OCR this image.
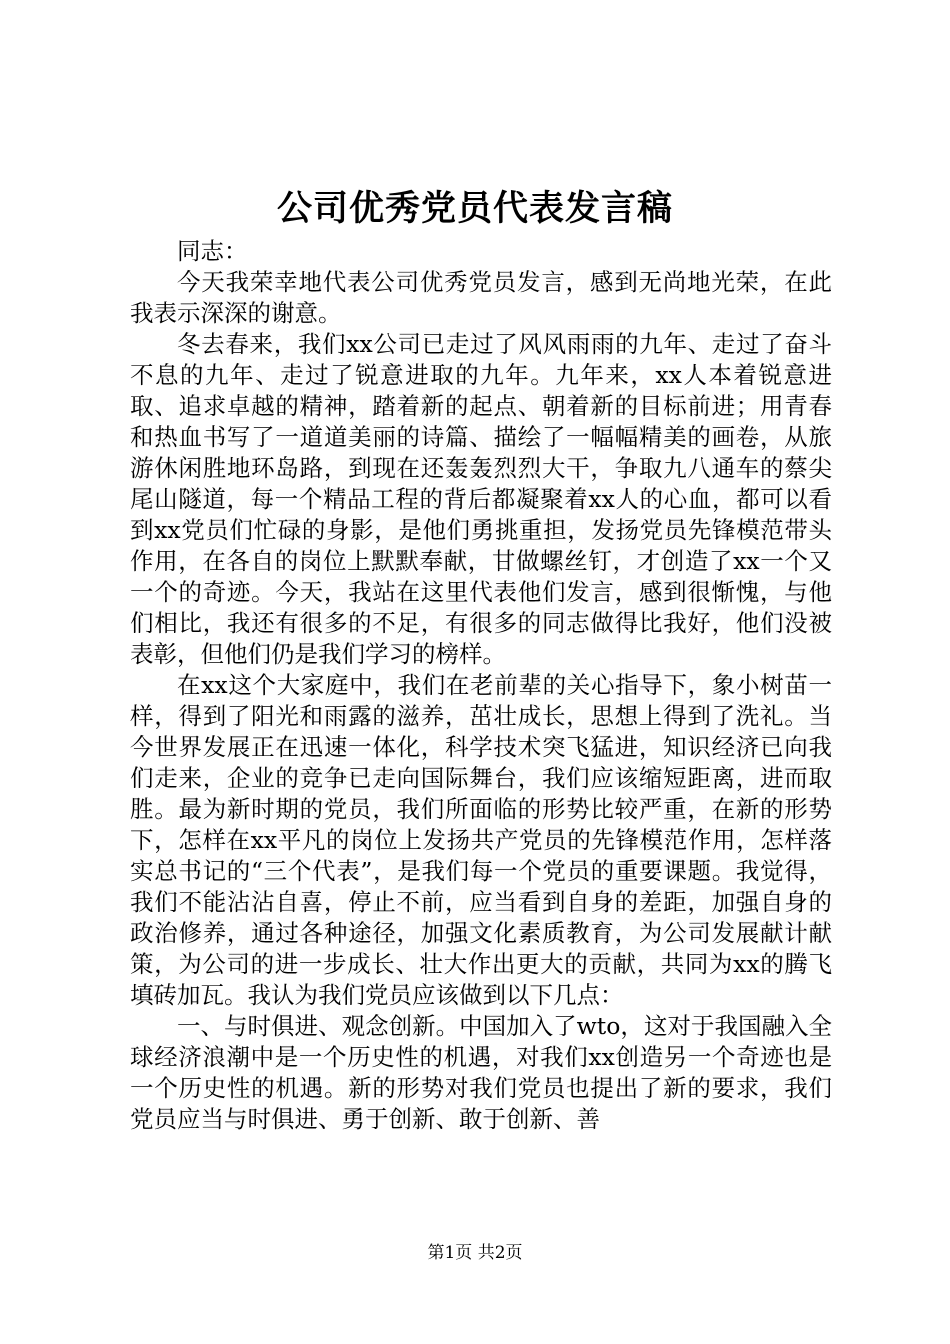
公司优秀党员代表发言稿

同志：

今天我荣幸地代表公司优秀党员发言，感到无尚地光荣，在此我表示深深的谢意。

冬去春来，我们xx公司已走过了风风雨雨的九年、走过了奋斗不息的九年、走过了锐意进取的九年。九年来，xx人本着锐意进取、追求卓越的精神，踏着新的起点、朝着新的目标前进；用青春和热血书写了一道道美丽的诗篇、描绘了一幅幅精美的画卷，从旅游休闲胜地环岛路，到现在还轰轰烈烈大干，争取九八通车的蔡尖尾山隧道，每一个精品工程的背后都凝聚着xx人的心血，都可以看到xx党员们忙碌的身影，是他们勇挑重担，发扬党员先锋模范带头作用，在各自的岗位上默默奉献，甘做螺丝钉，才创造了xx一个又一个的奇迹。今天，我站在这里代表他们发言，感到很惭愧，与他们相比，我还有很多的不足，有很多的同志做得比我好，他们没被表彰，但他们仍是我们学习的榜样。

在xx这个大家庭中，我们在老前辈的关心指导下，象小树苗一样，得到了阳光和雨露的滋养，茁壮成长，思想上得到了洗礼。当今世界发展正在迅速一体化，科学技术突飞猛进，知识经济已向我们走来，企业的竞争已走向国际舞台，我们应该缩短距离，进而取胜。最为新时期的党员，我们所面临的形势比较严重，在新的形势下，怎样在xx平凡的岗位上发扬共产党员的先锋模范作用，怎样落实总书记的“三个代表”，是我们每一个党员的重要课题。我觉得，我们不能沾沾自喜，停止不前，应当看到自身的差距，加强自身的政治修养，通过各种途径，加强文化素质教育，为公司发展献计献策，为公司的进一步成长、壮大作出更大的贡献，共同为xx的腾飞填砖加瓦。我认为我们党员应该做到以下几点：

一、与时俱进、观念创新。中国加入了wto，这对于我国融入全球经济浪潮中是一个历史性的机遇，对我们xx创造另一个奇迹也是一个历史性的机遇。新的形势对我们党员也提出了新的要求，我们党员应当与时俱进、勇于创新、敢于创新、善

第1页 共2页
